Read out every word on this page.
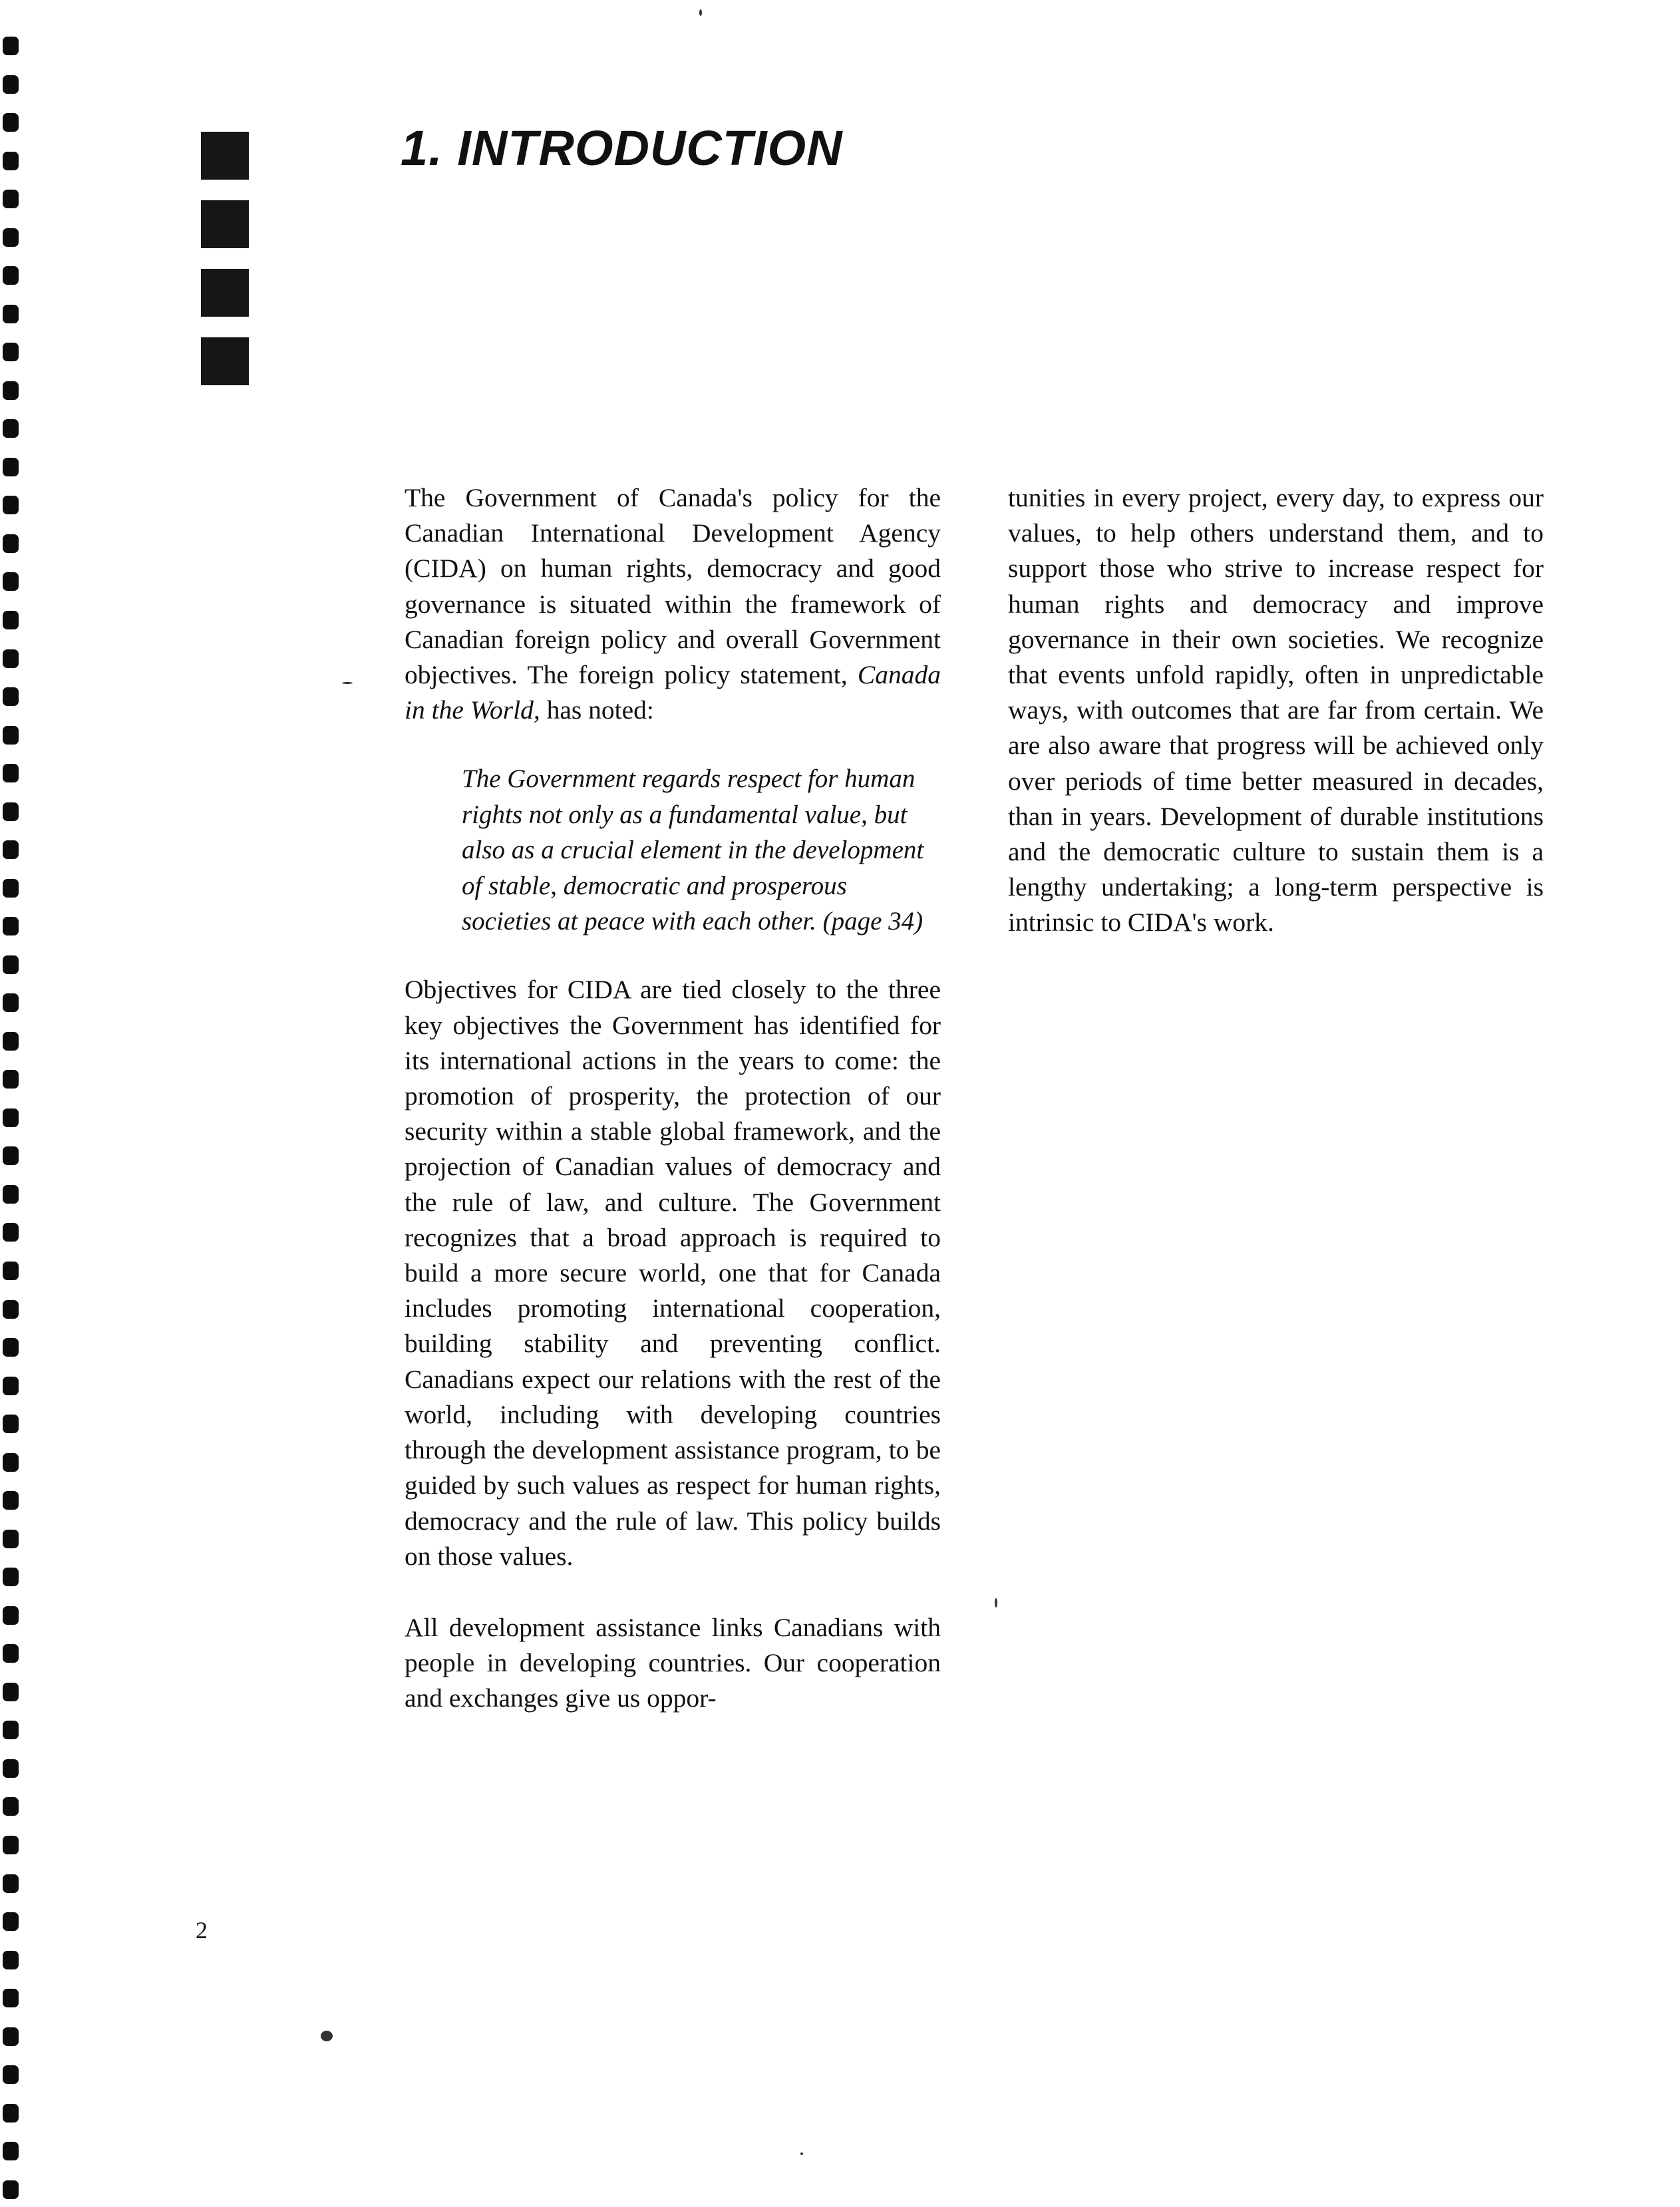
1. INTRODUCTION

The Government of Canada's policy for the Canadian International Development Agency (CIDA) on human rights, democracy and good governance is situated within the framework of Canadian foreign policy and overall Government objectives. The foreign policy statement, Canada in the World, has noted:

The Government regards respect for human rights not only as a fundamental value, but also as a crucial element in the development of stable, democratic and prosperous societies at peace with each other. (page 34)

Objectives for CIDA are tied closely to the three key objectives the Government has identified for its international actions in the years to come: the promotion of prosperity, the protection of our security within a stable global framework, and the projection of Canadian values of democracy and the rule of law, and culture. The Government recognizes that a broad approach is required to build a more secure world, one that for Canada includes promoting international cooperation, building stability and preventing conflict. Canadians expect our relations with the rest of the world, including with developing countries through the development assistance program, to be guided by such values as respect for human rights, democracy and the rule of law. This policy builds on those values.

All development assistance links Canadians with people in developing countries. Our cooperation and exchanges give us oppor-

tunities in every project, every day, to express our values, to help others understand them, and to support those who strive to increase respect for human rights and democracy and improve governance in their own societies. We recognize that events unfold rapidly, often in unpredictable ways, with outcomes that are far from certain. We are also aware that progress will be achieved only over periods of time better measured in decades, than in years. Development of durable institutions and the democratic culture to sustain them is a lengthy undertaking; a long-term perspective is intrinsic to CIDA's work.

2
